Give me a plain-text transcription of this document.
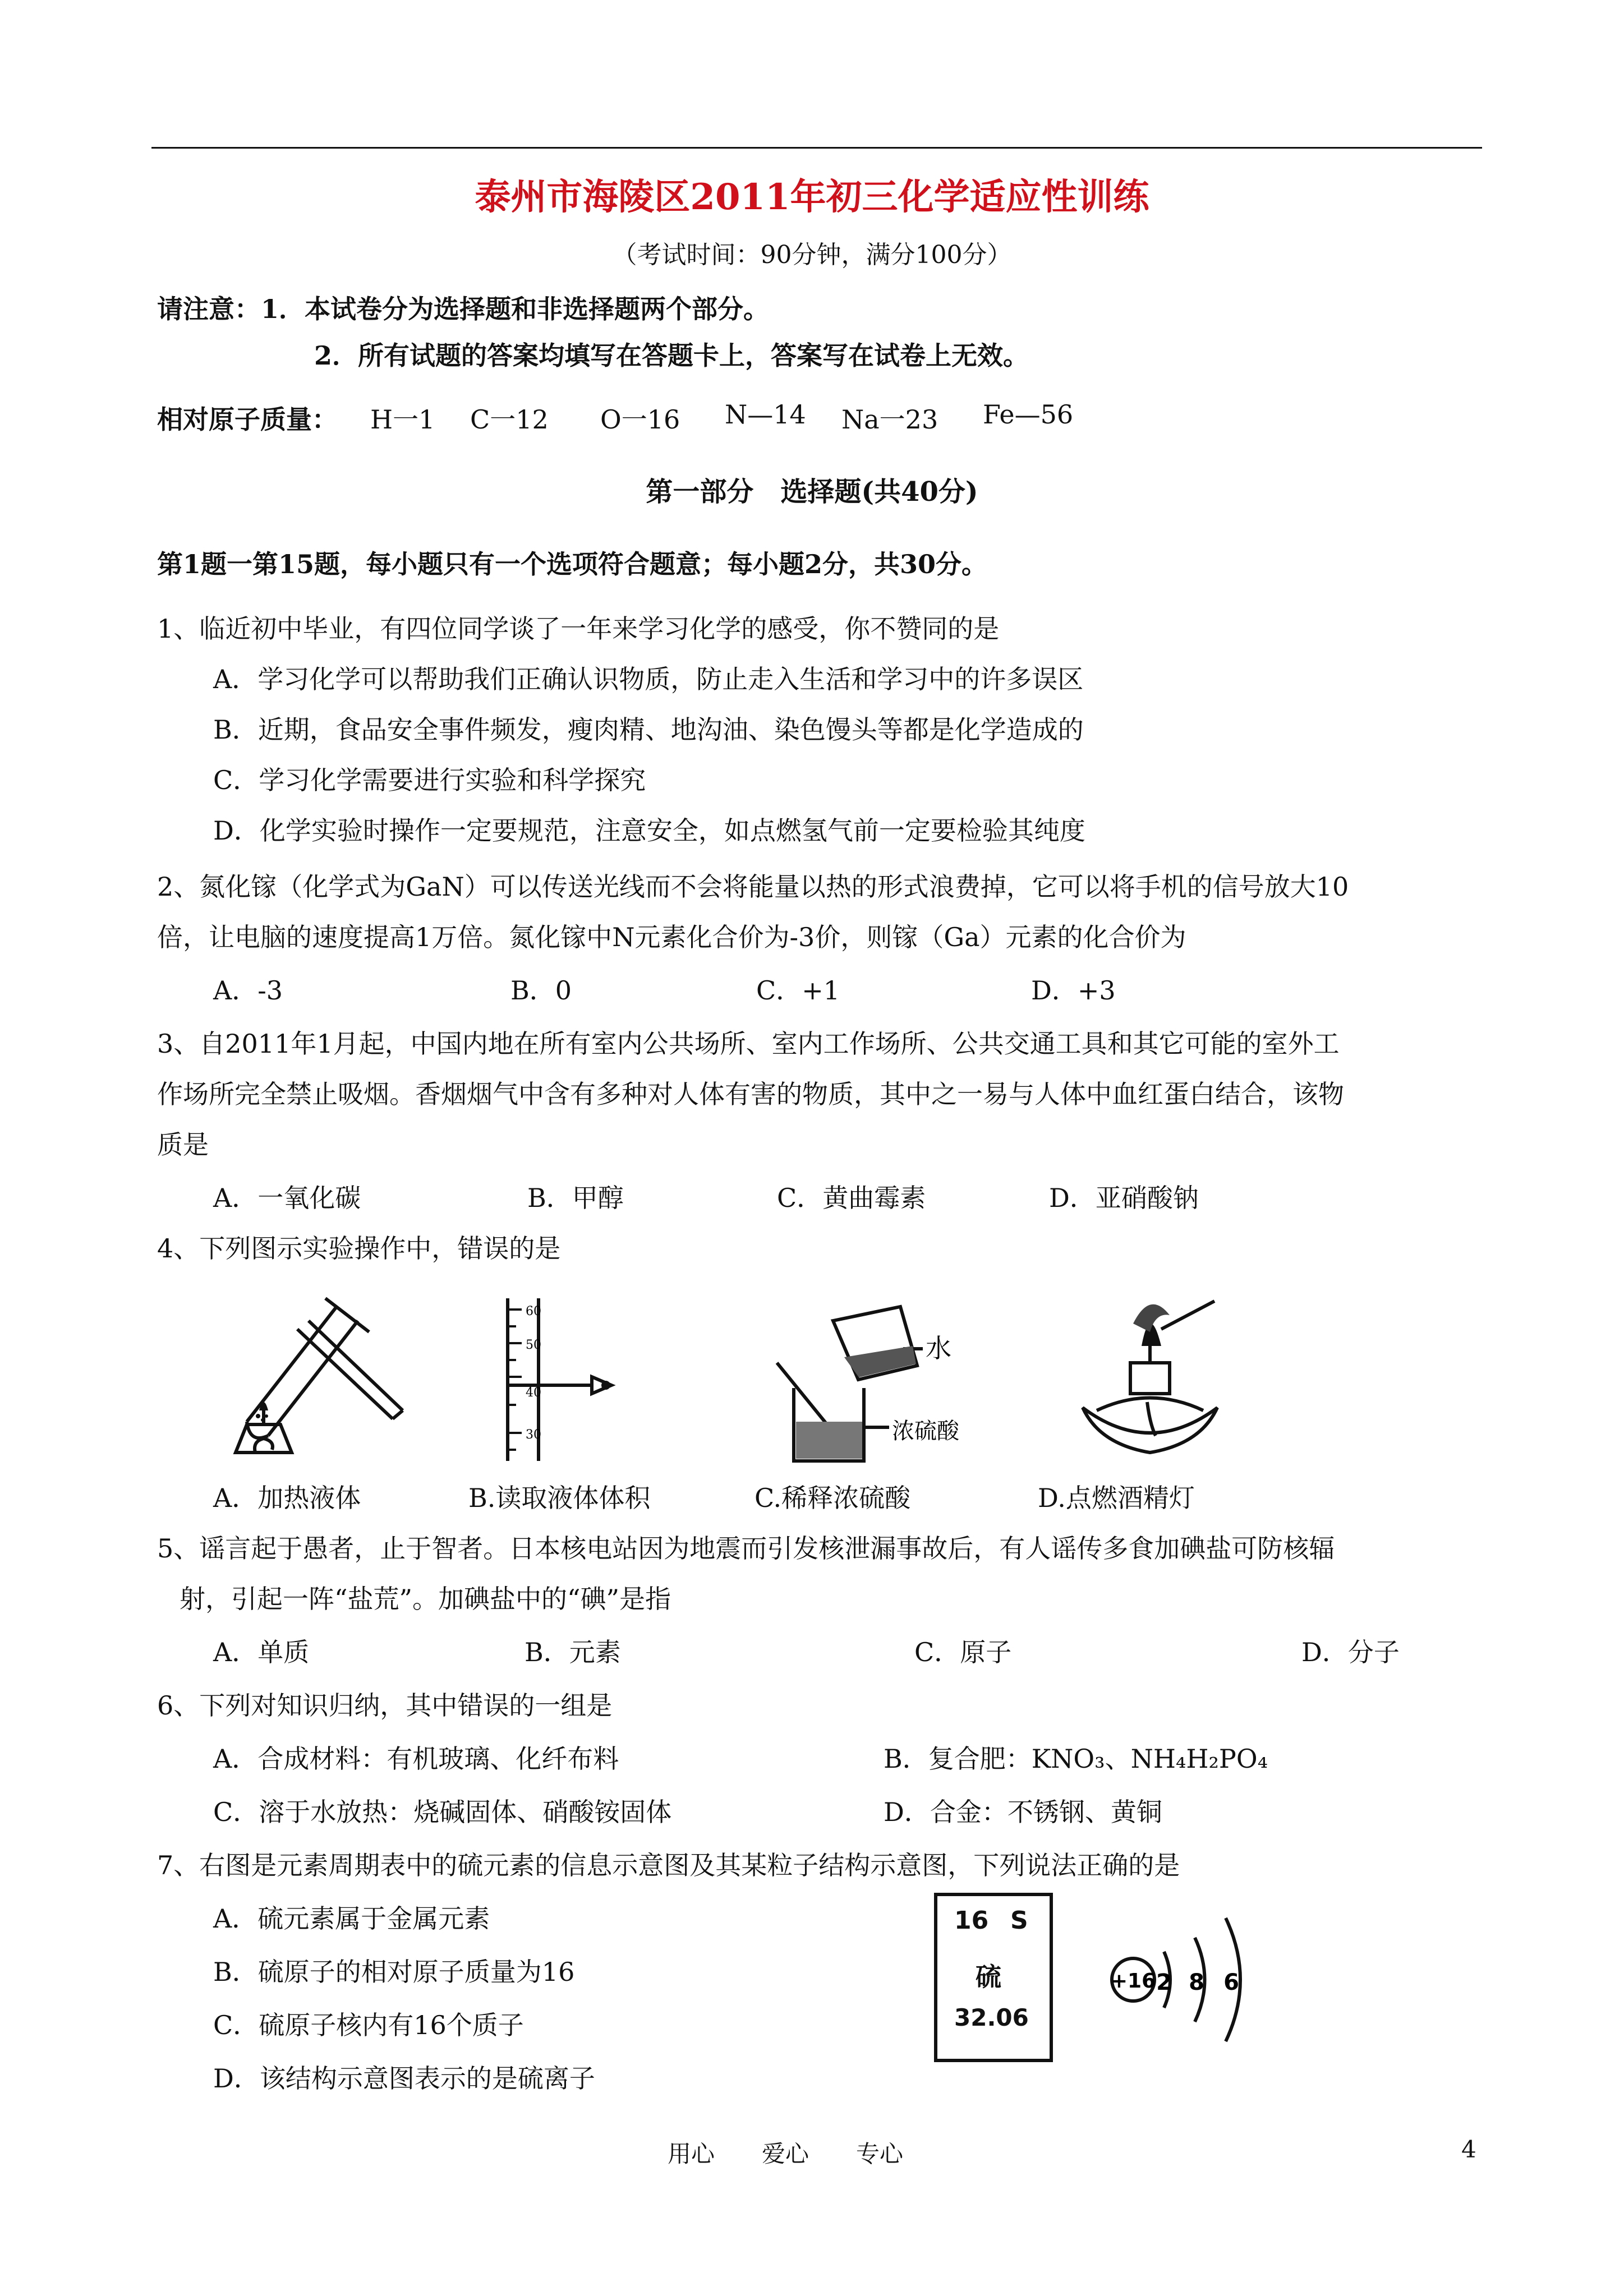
泰州市海陵区2011年初三化学适应性训练
（考试时间：90分钟，满分100分）
请注意： 1．本试卷分为选择题和非选择题两个部分。
2．所有试题的答案均填写在答题卡上，答案写在试卷上无效。
相对原子质量： H一1 C一12 O一16 N—14 Na一23 Fe—56
第一部分　选择题(共40分)
第1题一第15题，每小题只有一个选项符合题意；每小题2分，共30分。
1、临近初中毕业，有四位同学谈了一年来学习化学的感受，你不赞同的是
A．学习化学可以帮助我们正确认识物质，防止走入生活和学习中的许多误区
B．近期，食品安全事件频发，瘦肉精、地沟油、染色馒头等都是化学造成的
C．学习化学需要进行实验和科学探究
D．化学实验时操作一定要规范，注意安全，如点燃氢气前一定要检验其纯度
2、氮化镓（化学式为GaN）可以传送光线而不会将能量以热的形式浪费掉，它可以将手机的信号放大10
倍，让电脑的速度提高1万倍。氮化镓中N元素化合价为-3价，则镓（Ga）元素的化合价为
A．-3	B．0	C．+1	D．+3
3、自2011年1月起，中国内地在所有室内公共场所、室内工作场所、公共交通工具和其它可能的室外工
作场所完全禁止吸烟。香烟烟气中含有多种对人体有害的物质，其中之一易与人体中血红蛋白结合，该物
质是
A．一氧化碳	B．甲醇	C．黄曲霉素	D．亚硝酸钠
4、下列图示实验操作中，错误的是
60
50
40
30
水
浓硫酸
A．加热液体	B.读取液体体积	C.稀释浓硫酸	D.点燃酒精灯
5、谣言起于愚者，止于智者。日本核电站因为地震而引发核泄漏事故后，有人谣传多食加碘盐可防核辐
射，引起一阵“盐荒”。加碘盐中的“碘”是指
A．单质	B．元素	C．原子	D．分子
6、下列对知识归纳，其中错误的一组是
A．合成材料：有机玻璃、化纤布料	B．复合肥：KNO₃、NH₄H₂PO₄
C．溶于水放热：烧碱固体、硝酸铵固体	D．合金：不锈钢、黄铜
7、右图是元素周期表中的硫元素的信息示意图及其某粒子结构示意图，下列说法正确的是
A．硫元素属于金属元素
B．硫原子的相对原子质量为16
C．硫原子核内有16个质子
D．该结构示意图表示的是硫离子
16 S
硫
32.06
+16 2 8 6
用心　　爱心　　专心	4
